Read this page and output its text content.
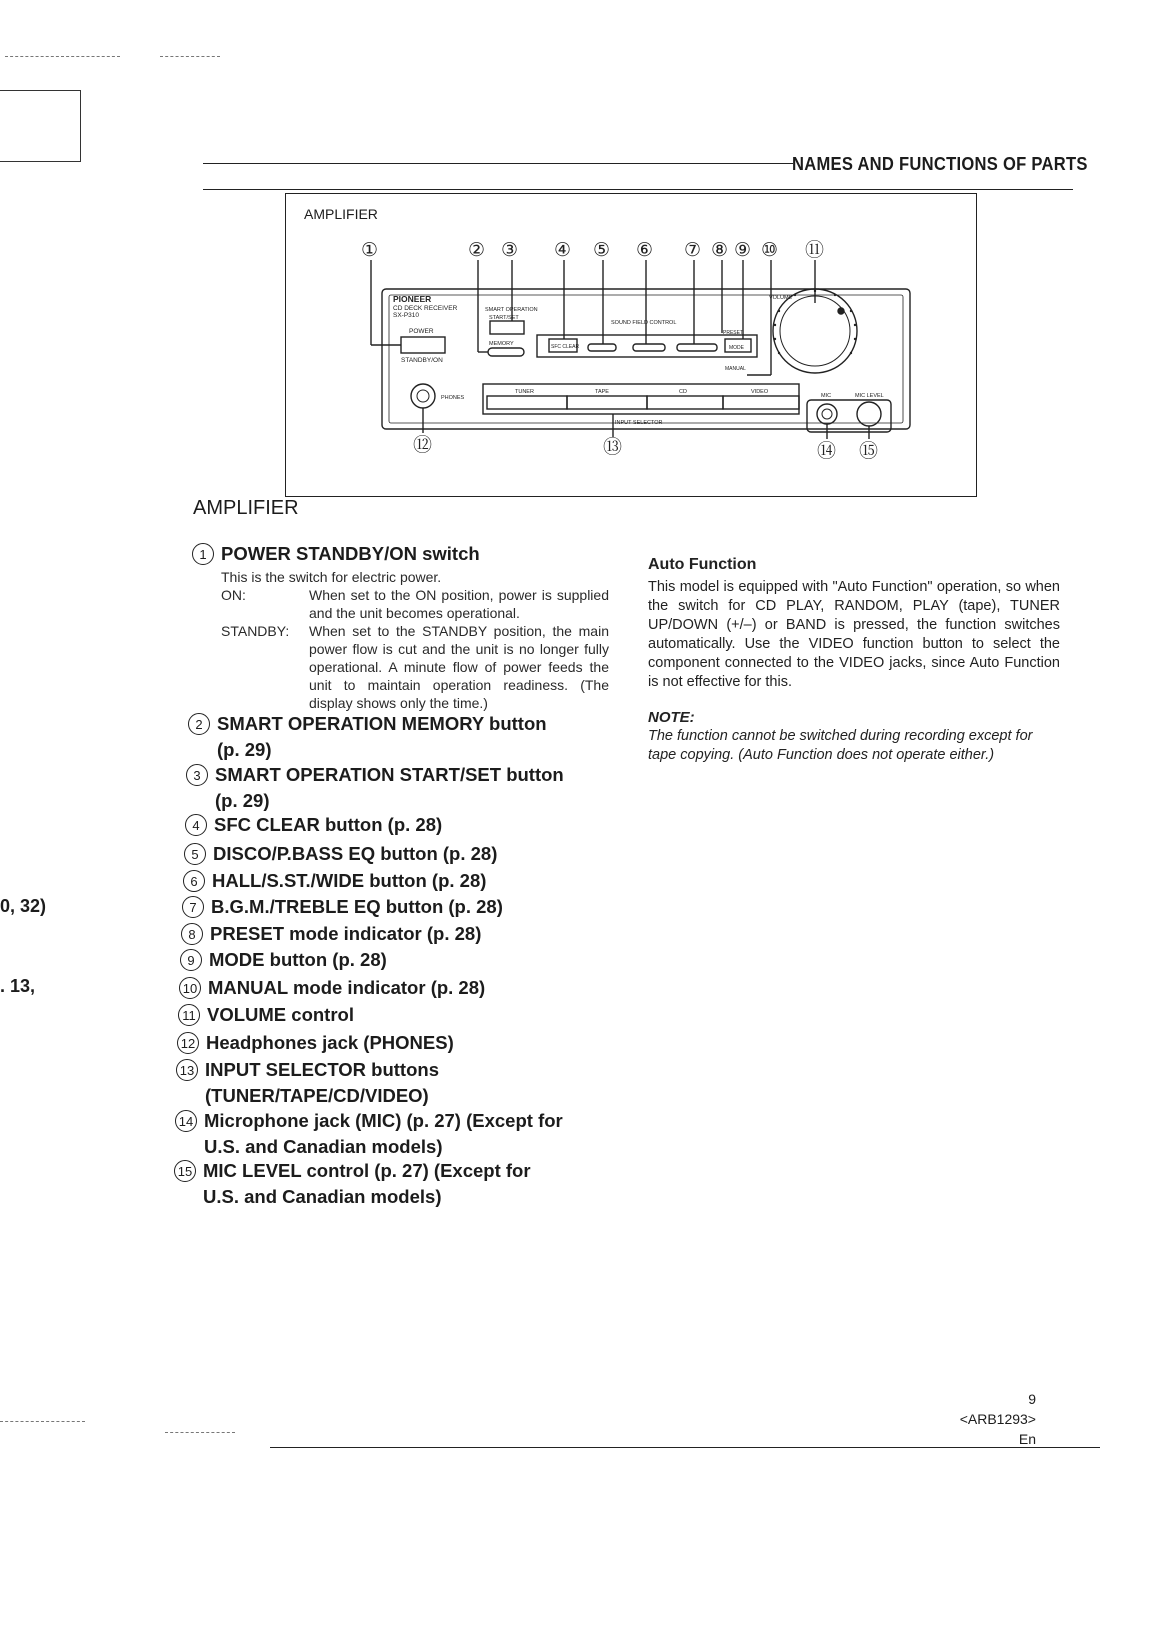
NAMES AND FUNCTIONS OF PARTS
AMPLIFIER
PIONEER
CD DECK RECEIVER
SX-P310
POWER
STANDBY/ON
SMART OPERATION
START/SET
MEMORY	SFC CLEAR
SOUND FIELD CONTROL
VOLUME
PHONES
MODE
PRESET
MANUAL
MIC	MIC LEVEL
INPUT SELECTOR
TUNER	TAPE	CD	VIDEO
①	② ③ ④ ⑤ ⑥ ⑦ ⑧ ⑨ ⑩ ⑪
⑫	⑬	⑭ ⑮
AMPLIFIER
1 POWER STANDBY/ON switch
This is the switch for electric power.
ON:	When set to the ON position, power is supplied and the unit becomes operational.
STANDBY:	When set to the STANDBY position, the main power flow is cut and the unit is no longer fully operational. A minute flow of power feeds the unit to maintain operation readiness. (The display shows only the time.)
2 SMART OPERATION MEMORY button
(p. 29)
3 SMART OPERATION START/SET button
(p. 29)
4 SFC CLEAR button (p. 28)
5 DISCO/P.BASS EQ button (p. 28)
6 HALL/S.ST./WIDE button (p. 28)
7 B.G.M./TREBLE EQ button (p. 28)
8 PRESET mode indicator (p. 28)
9 MODE button (p. 28)
10 MANUAL mode indicator (p. 28)
11 VOLUME control
12 Headphones jack (PHONES)
13 INPUT SELECTOR buttons
(TUNER/TAPE/CD/VIDEO)
14 Microphone jack (MIC) (p. 27) (Except for
U.S. and Canadian models)
15 MIC LEVEL control (p. 27) (Except for
U.S. and Canadian models)
Auto Function
This model is equipped with "Auto Function" operation, so when the switch for CD PLAY, RANDOM, PLAY (tape), TUNER UP/DOWN (+/–) or BAND is pressed, the function switches automatically. Use the VIDEO function button to select the component connected to the VIDEO jacks, since Auto Function is not effective for this.
NOTE:
The function cannot be switched during recording except for tape copying. (Auto Function does not operate either.)
0, 32)
. 13,
9
<ARB1293>
En
